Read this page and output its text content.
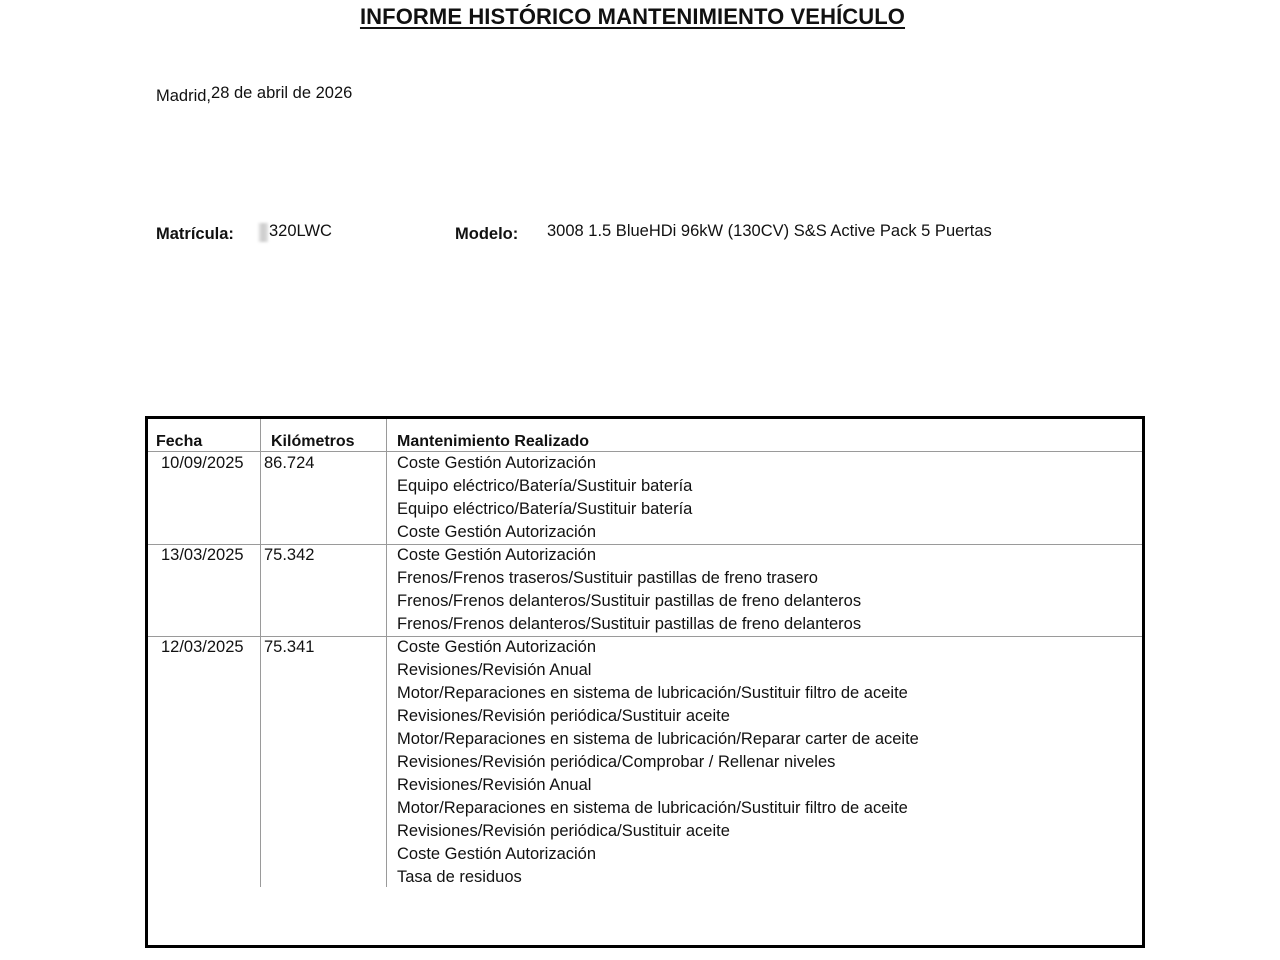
INFORME HISTÓRICO MANTENIMIENTO VEHÍCULO
Madrid,28 de abril de 2026
Matrícula: 320LWC	Modelo: 3008 1.5 BlueHDi 96kW (130CV) S&S Active Pack 5 Puertas
Fecha	Kilómetros	Mantenimiento Realizado
10/09/2025 86.724	Coste Gestión Autorización
Equipo eléctrico/Batería/Sustituir batería
Equipo eléctrico/Batería/Sustituir batería
Coste Gestión Autorización
13/03/2025 75.342	Coste Gestión Autorización
Frenos/Frenos traseros/Sustituir pastillas de freno trasero
Frenos/Frenos delanteros/Sustituir pastillas de freno delanteros
Frenos/Frenos delanteros/Sustituir pastillas de freno delanteros
12/03/2025 75.341	Coste Gestión Autorización
Revisiones/Revisión Anual
Motor/Reparaciones en sistema de lubricación/Sustituir filtro de aceite
Revisiones/Revisión periódica/Sustituir aceite
Motor/Reparaciones en sistema de lubricación/Reparar carter de aceite
Revisiones/Revisión periódica/Comprobar / Rellenar niveles
Revisiones/Revisión Anual
Motor/Reparaciones en sistema de lubricación/Sustituir filtro de aceite
Revisiones/Revisión periódica/Sustituir aceite
Coste Gestión Autorización
Tasa de residuos
